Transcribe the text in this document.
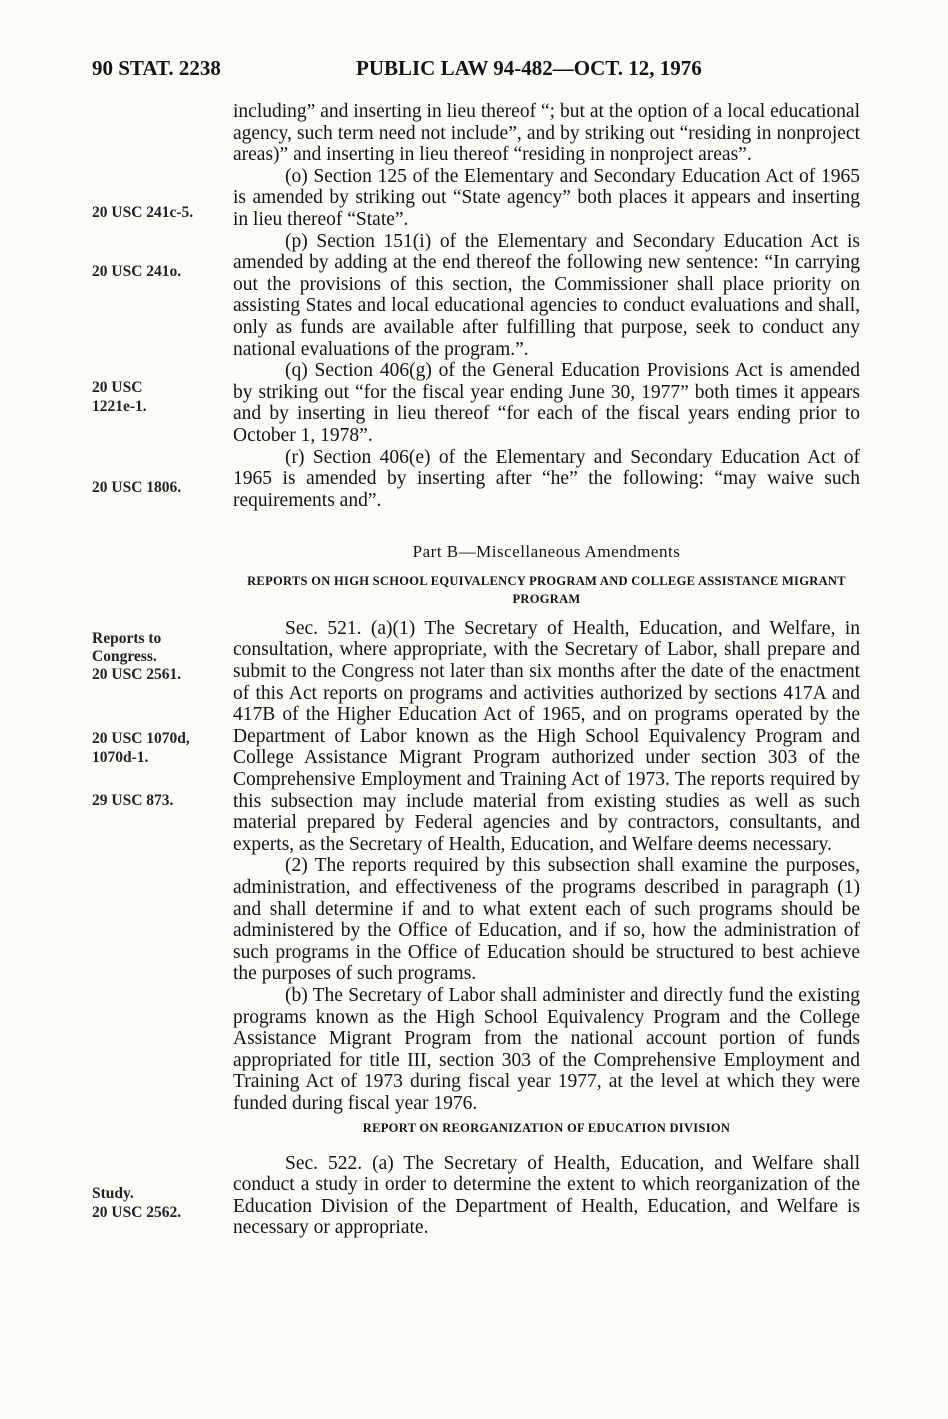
90 STAT. 2238	PUBLIC LAW 94-482—OCT. 12, 1976
20 USC 241c-5.
20 USC 241o.
20 USC
1221e-1.
20 USC 1806.
Reports to
Congress.
20 USC 2561.
20 USC 1070d,
1070d-1.
29 USC 873.
Study.
20 USC 2562.

including” and inserting in lieu thereof “; but at the option of a local educational agency, such term need not include”, and by striking out “residing in nonproject areas)” and inserting in lieu thereof “residing in nonproject areas”.

(o) Section 125 of the Elementary and Secondary Education Act of 1965 is amended by striking out “State agency” both places it appears and inserting in lieu thereof “State”.

(p) Section 151(i) of the Elementary and Secondary Education Act is amended by adding at the end thereof the following new sentence: “In carrying out the provisions of this section, the Commissioner shall place priority on assisting States and local educational agencies to conduct evaluations and shall, only as funds are available after fulfilling that purpose, seek to conduct any national evaluations of the program.”.

(q) Section 406(g) of the General Education Provisions Act is amended by striking out “for the fiscal year ending June 30, 1977” both times it appears and by inserting in lieu thereof “for each of the fiscal years ending prior to October 1, 1978”.

(r) Section 406(e) of the Elementary and Secondary Education Act of 1965 is amended by inserting after “he” the following: “may waive such requirements and”.

Part B—Miscellaneous Amendments
REPORTS ON HIGH SCHOOL EQUIVALENCY PROGRAM AND COLLEGE ASSISTANCE MIGRANT PROGRAM

Sec. 521. (a)(1) The Secretary of Health, Education, and Welfare, in consultation, where appropriate, with the Secretary of Labor, shall prepare and submit to the Congress not later than six months after the date of the enactment of this Act reports on programs and activities authorized by sections 417A and 417B of the Higher Education Act of 1965, and on programs operated by the Department of Labor known as the High School Equivalency Program and College Assistance Migrant Program authorized under section 303 of the Comprehensive Employment and Training Act of 1973. The reports required by this subsection may include material from existing studies as well as such material prepared by Federal agencies and by contractors, consultants, and experts, as the Secretary of Health, Education, and Welfare deems necessary.

(2) The reports required by this subsection shall examine the purposes, administration, and effectiveness of the programs described in paragraph (1) and shall determine if and to what extent each of such programs should be administered by the Office of Education, and if so, how the administration of such programs in the Office of Education should be structured to best achieve the purposes of such programs.

(b) The Secretary of Labor shall administer and directly fund the existing programs known as the High School Equivalency Program and the College Assistance Migrant Program from the national account portion of funds appropriated for title III, section 303 of the Comprehensive Employment and Training Act of 1973 during fiscal year 1977, at the level at which they were funded during fiscal year 1976.

REPORT ON REORGANIZATION OF EDUCATION DIVISION

Sec. 522. (a) The Secretary of Health, Education, and Welfare shall conduct a study in order to determine the extent to which reorganization of the Education Division of the Department of Health, Education, and Welfare is necessary or appropriate.
